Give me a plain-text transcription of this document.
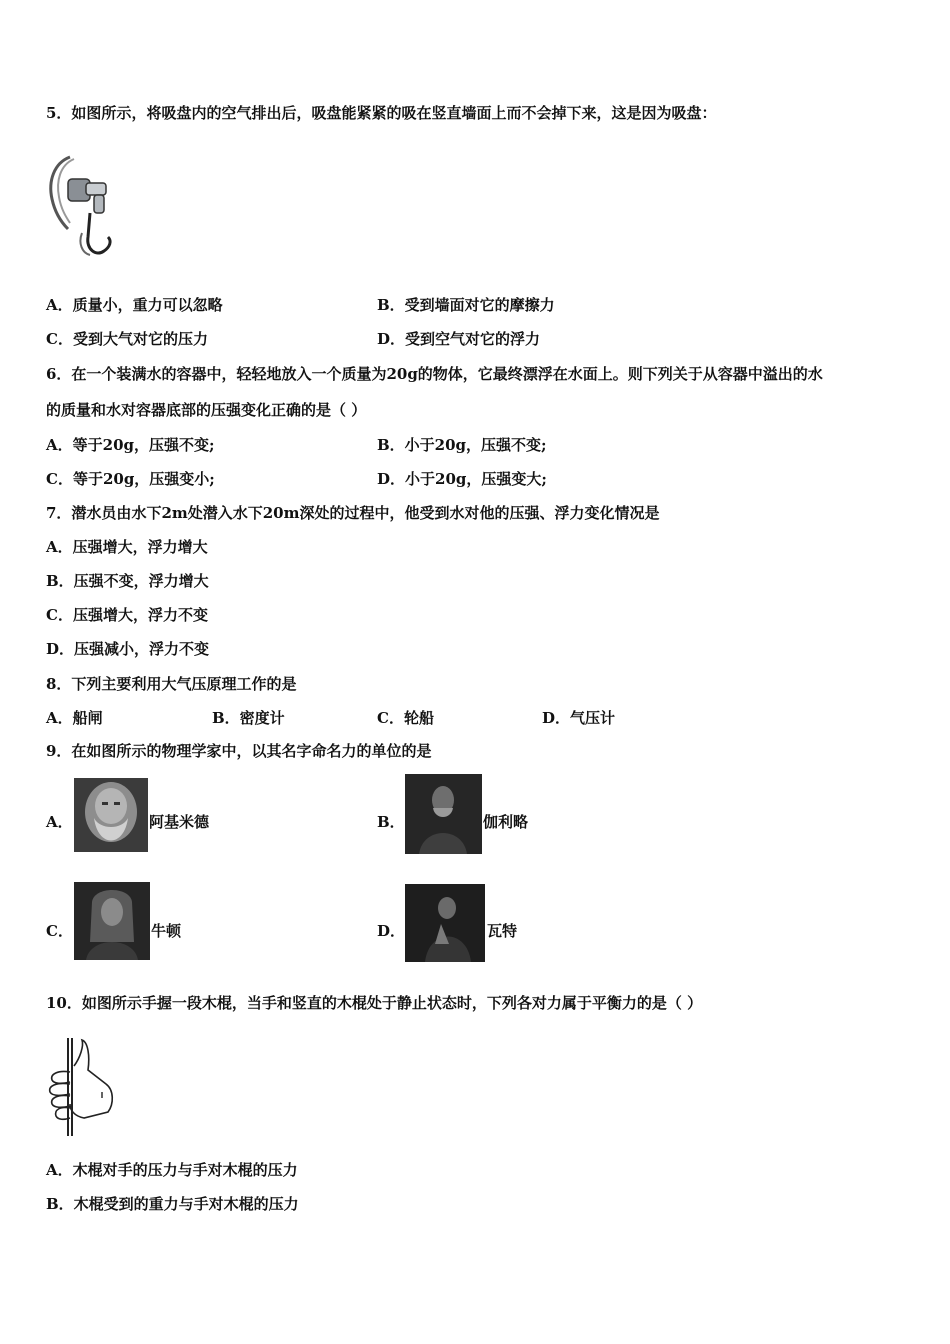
5．如图所示，将吸盘内的空气排出后，吸盘能紧紧的吸在竖直墙面上而不会掉下来，这是因为吸盘：
A．质量小，重力可以忽略	B．受到墙面对它的摩擦力
C．受到大气对它的压力	D．受到空气对它的浮力
6．在一个装满水的容器中，轻轻地放入一个质量为20g的物体，它最终漂浮在水面上。则下列关于从容器中溢出的水
的质量和水对容器底部的压强变化正确的是（ ）
A．等于20g，压强不变;	B．小于20g，压强不变;
C．等于20g，压强变小;	D．小于20g，压强变大;
7．潜水员由水下2m处潜入水下20m深处的过程中，他受到水对他的压强、浮力变化情况是
A．压强增大，浮力增大
B．压强不变，浮力增大
C．压强增大，浮力不变
D．压强减小，浮力不变
8．下列主要利用大气压原理工作的是
A．船闸	B．密度计	C．轮船	D．气压计
9．在如图所示的物理学家中，以其名字命名力的单位的是
A．	阿基米德	B．	伽利略
C．	牛顿	D．	瓦特
10．如图所示手握一段木棍，当手和竖直的木棍处于静止状态时，下列各对力属于平衡力的是（ ）
A．木棍对手的压力与手对木棍的压力
B．木棍受到的重力与手对木棍的压力
